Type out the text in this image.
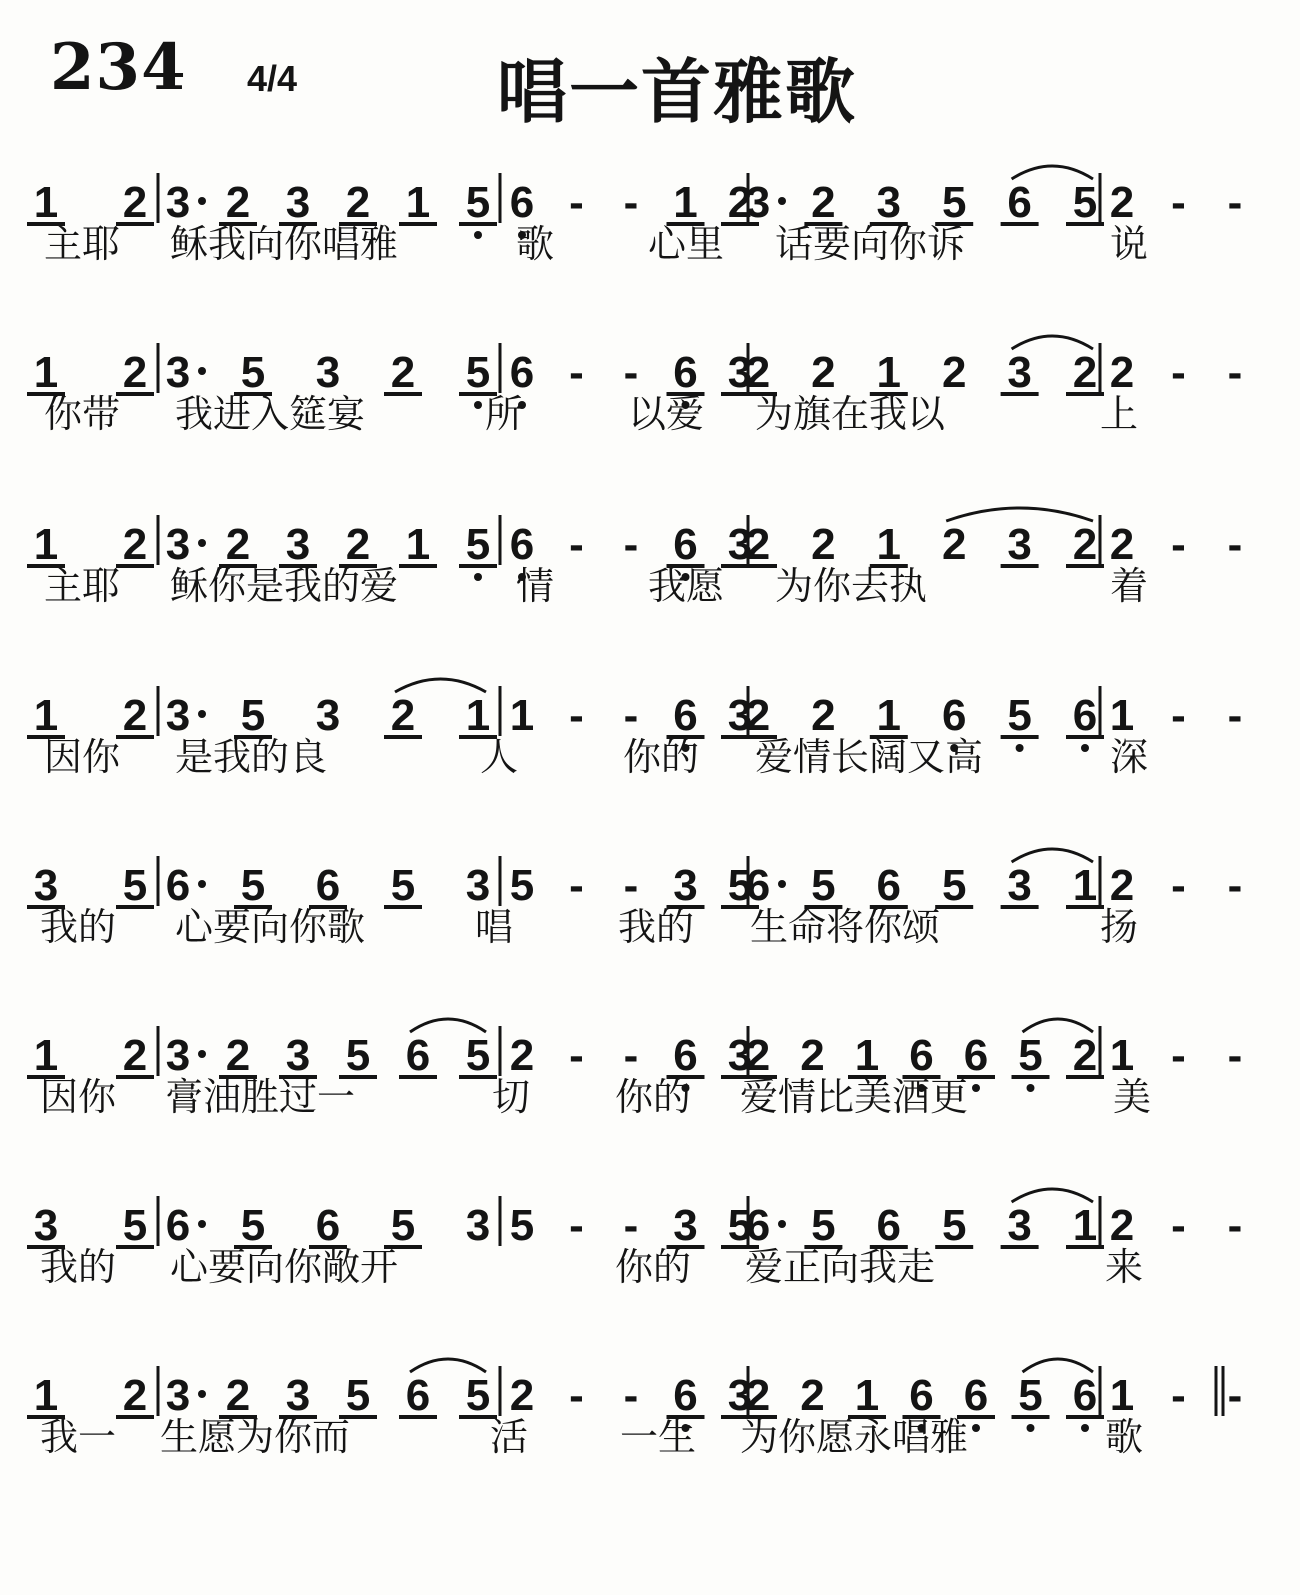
234 4/4	唱一首雅歌
1 2 3 2 3 2 1 5 6 - - 1 2
3 2 3 5 6 5 2 - -
主耶 稣我向你唱雅	歌 心里 话要向你诉	说
1 2 3 5 3 2 5 6 - - 6 3
2 2 1 2 3 2 2 - -
你带 我进入筵宴	所	以爱 为旗在我以	上
1 2 3 2 3 2 1 5 6 - - 6 3
2 2 1 2 3 2 2 - -
主耶 稣你是我的爱	情 我愿 为你去执	着
1 2 3 5 3 2 1 1 - - 6 3
2 2 1 6 5 6 1 - -
因你 是我的良	人	你的 爱情长阔又高	深
3 5 6 5 6 5 3 5 - - 3 5
6 5 6 5 3 1 2 - -
我的 心要向你歌	唱	我的 生命将你颂	扬
1 2 3 2 3 5 6 5 2 - - 6 3
2 2 1 6 6 5 2 1 - -
因你 膏油胜过一	切 你的 爱情比美酒更	美
3 5 6 5 6 5 3 5 - - 3 5
6 5 6 5 3 1 2 - -
我的 心要向你敞开	你的 爱正向我走	来
1 2 3 2 3 5 6 5 2 - - 6 3
2 2 1 6 6 5 6 1 - -
我一 生愿为你而	活 一生 为你愿永唱雅	歌
